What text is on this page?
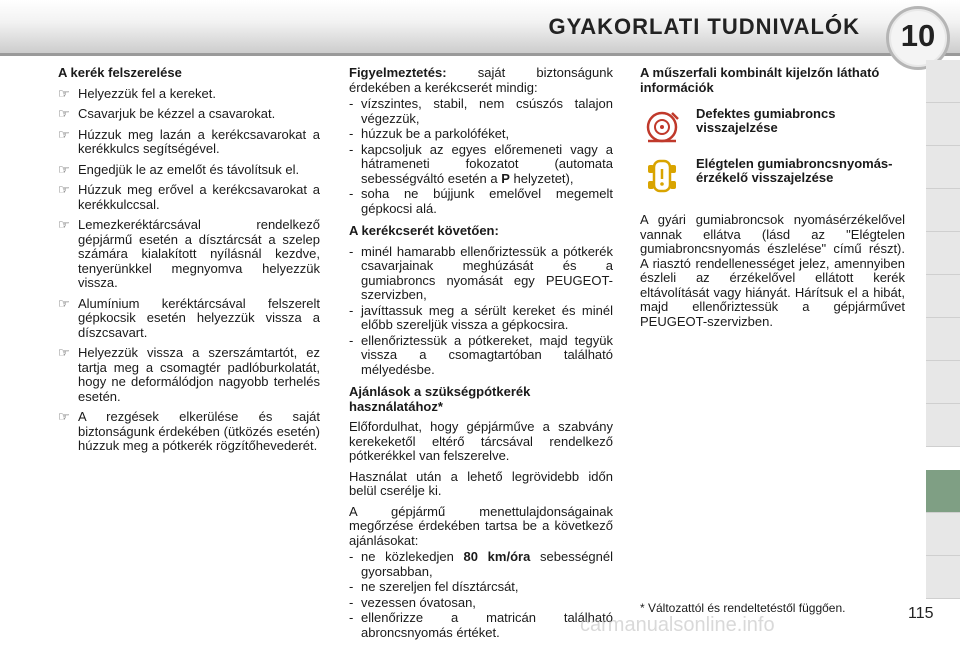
GYAKORLATI TUDNIVALÓK	10
A kerék felszerelése
☞ Helyezzük fel a kereket.
☞ Csavarjuk be kézzel a csavarokat.
☞ Húzzuk meg lazán a kerékcsavarokat a kerékkulcs segítségével.
☞ Engedjük le az emelőt és távolítsuk el.
☞ Húzzuk meg erővel a kerékcsavarokat a kerékkulccsal.
☞ Lemezkeréktárcsával rendelkező gépjármű esetén a dísztárcsát a szelep számára kialakított nyílásnál kezdve, tenyerünkkel megnyomva helyezzük vissza.
☞ Alumínium keréktárcsával felszerelt gépkocsik esetén helyezzük vissza a díszcsavart.
☞ Helyezzük vissza a szerszámtartót, ez tartja meg a csomagtér padlóburkolatát, hogy ne deformálódjon nagyobb terhelés esetén.
☞ A rezgések elkerülése és saját biztonságunk érdekében (ütközés esetén) húzzuk meg a pótkerék rögzítőhevederét.

Figyelmeztetés: saját biztonságunk érdekében a kerékcserét mindig:

- vízszintes, stabil, nem csúszós talajon végezzük,
- húzzuk be a parkolóféket,
- kapcsoljuk az egyes előremeneti vagy a hátrameneti fokozatot (automata sebességváltó esetén a P helyzetet),
- soha ne bújjunk emelővel megemelt gépkocsi alá.
A kerékcserét követően:
- minél hamarabb ellenőriztessük a pótkerék csavarjainak meghúzását és a gumiabroncs nyomását egy PEUGEOT-szervizben,
- javíttassuk meg a sérült kereket és minél előbb szereljük vissza a gépkocsira.
- ellenőriztessük a pótkereket, majd tegyük vissza a csomagtartóban található mélyedésbe.
Ajánlások a szükségpótkerék használatához*

Előfordulhat, hogy gépjárműve a szabvány kerekeketől eltérő tárcsával rendelkező pótkerékkel van felszerelve.

Használat után a lehető legrövidebb időn belül cserélje ki.

A gépjármű menettulajdonságainak megőrzése érdekében tartsa be a következő ajánlásokat:

- ne közlekedjen 80 km/óra sebességnél gyorsabban,
- ne szereljen fel dísztárcsát,
- vezessen óvatosan,
- ellenőrizze a matricán található abroncsnyomás értéket.
A műszerfali kombinált kijelzőn látható információk
Defektes gumiabroncs visszajelzése
Elégtelen gumiabroncsnyomás-érzékelő visszajelzése

A gyári gumiabroncsok nyomásérzékelővel vannak ellátva (lásd az "Elégtelen gumiabroncsnyomás észlelése" című részt). A riasztó rendellenességet jelez, amennyiben észleli az érzékelővel ellátott kerék eltávolítását vagy hiányát. Hárítsuk el a hibát, majd ellenőriztessük a gépjárművet PEUGEOT-szervizben.

* Változattól és rendeltetéstől függően.
carmanualsonline.info
115
